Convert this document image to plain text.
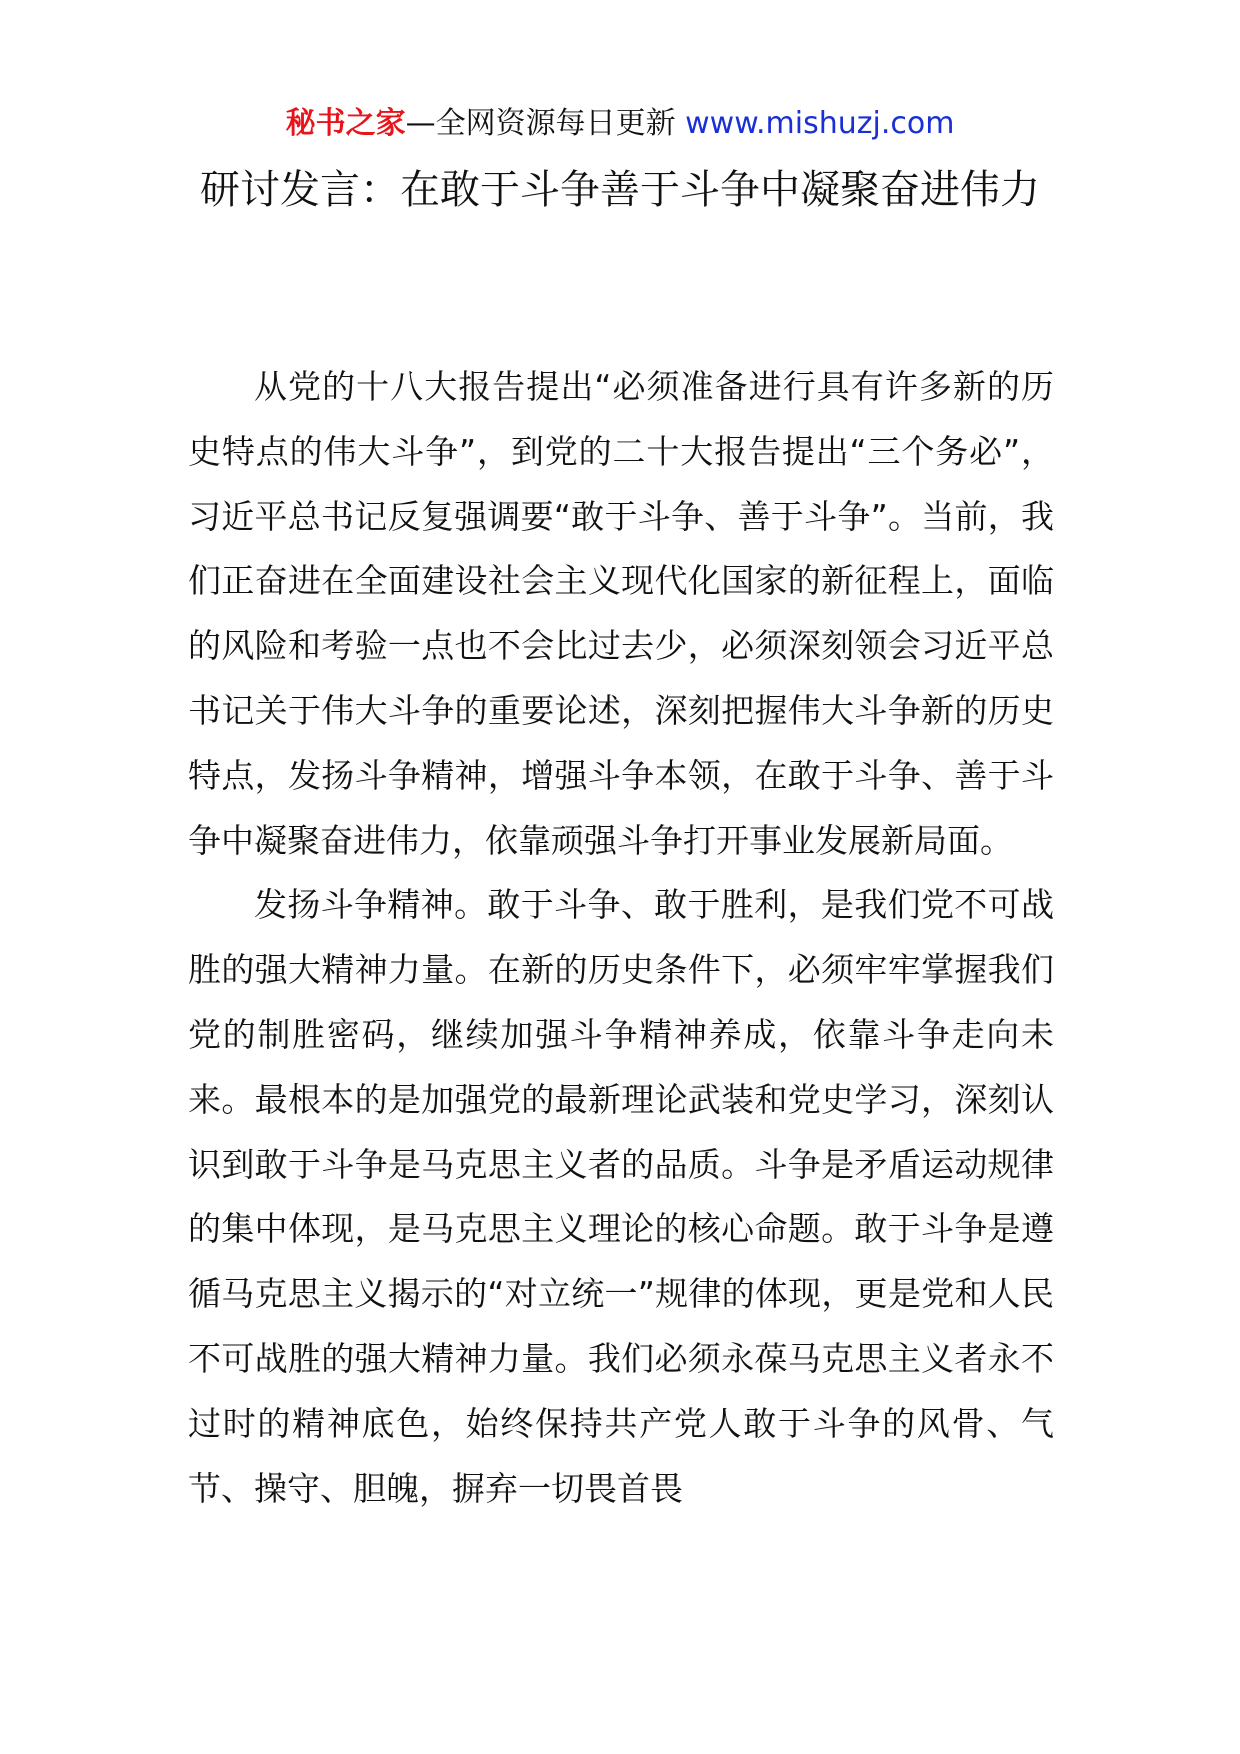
秘书之家—全网资源每日更新 www.mishuzj.com
研讨发言：在敢于斗争善于斗争中凝聚奋进伟力

从党的十八大报告提出“必须准备进行具有许多新的历史特点的伟大斗争”，到党的二十大报告提出“三个务必”，习近平总书记反复强调要“敢于斗争、善于斗争”。当前，我们正奋进在全面建设社会主义现代化国家的新征程上，面临的风险和考验一点也不会比过去少，必须深刻领会习近平总书记关于伟大斗争的重要论述，深刻把握伟大斗争新的历史特点，发扬斗争精神，增强斗争本领，在敢于斗争、善于斗争中凝聚奋进伟力，依靠顽强斗争打开事业发展新局面。

发扬斗争精神。敢于斗争、敢于胜利，是我们党不可战胜的强大精神力量。在新的历史条件下，必须牢牢掌握我们党的制胜密码，继续加强斗争精神养成，依靠斗争走向未来。最根本的是加强党的最新理论武装和党史学习，深刻认识到敢于斗争是马克思主义者的品质。斗争是矛盾运动规律的集中体现，是马克思主义理论的核心命题。敢于斗争是遵循马克思主义揭示的“对立统一”规律的体现，更是党和人民不可战胜的强大精神力量。我们必须永葆马克思主义者永不过时的精神底色，始终保持共产党人敢于斗争的风骨、气节、操守、胆魄，摒弃一切畏首畏
